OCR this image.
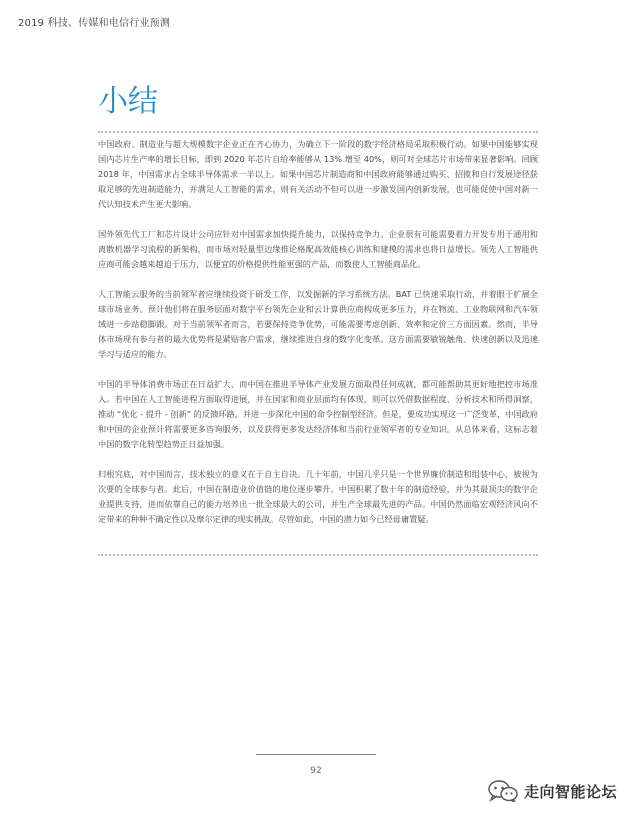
2019 科技、传媒和电信行业预测
小结

中国政府、制造业与超大规模数字企业正在齐心协力，为确立下一阶段的数字经济格局采取积极行动。如果中国能够实现国内芯片生产率的增长目标，即到 2020 年芯片自给率能够从 13% 增至 40%，则可对全球芯片市场带来显著影响。回顾 2018 年，中国需求占全球半导体需求一半以上。如果中国芯片制造商和中国政府能够通过购买、招揽和自行发展途径获取足够的先进制造能力，并满足人工智能的需求，则有关活动不但可以进一步激发国内创新发展，也可能促使中国对新一代认知技术产生更大影响。

国外领先代工厂和芯片设计公司应针对中国需求加快提升能力，以保持竞争力。企业很有可能需要着力开发专用于通用和离散机器学习流程的新架构，而市场对轻量型边缘推论格配高效能核心训练和建模的需求也将日益增长。领先人工智能供应商可能会越来越迫于压力，以便宜的价格提供性能更强的产品，而数使人工智能商品化。

人工智能云服务的当前领军者应继续投资于研发工作，以发掘新的学习系统方法。BAT 已快速采取行动，并着眼于扩展全球市场业务。预计他们将在服务层面对数字平台领先企业和云计算供应商构成更多压力，并在物流、工业物联网和汽车领域进一步站稳脚跟。对于当前领军者而言，若要保持竞争优势，可能需要考虑创新、效率和定价三方面因素。然而，半导体市场现有参与者的最大优势将是紧贴客户需求，继续推进自身的数字化变革。这方面需要敏锐触角、快速创新以及迅速学习与适应的能力。

中国的半导体消费市场正在日益扩大，而中国在推进半导体产业发展方面取得任何成就，都可能帮助其更好地把控市场准入。若中国在人工智能进程方面取得进展，并在国家和商业层面均有体现，则可以凭借数据程度、分析技术和所得洞察，推动 “优化 - 提升 - 创新” 的反馈环路，并进一步深化中国的命令控制型经济。但是，要成功实现这一广泛变革，中国政府和中国的企业预计将需要更多咨询服务，以及获得更多发达经济体和当前行业领军者的专业知识。从总体来看，这标志着中国的数字化转型趋势正日益加强。

归根究底，对中国而言，技术独立的意义在于自主自决。几十年前，中国几乎只是一个世界廉价制造和组装中心，被视为次要的全球参与者。此后，中国在制造业价值链的地位逐步攀升。中国积累了数十年的制造经验，并为其最顶尖的数字企业提供支持，进而依靠自己的能力培养出一批全球最大的公司，并生产全球最先进的产品。中国仍然面临宏观经济风向不定带来的种种不确定性以及摩尔定律的现实挑战。尽管如此，中国的潜力如今已经毋庸置疑。

92
走向智能论坛
